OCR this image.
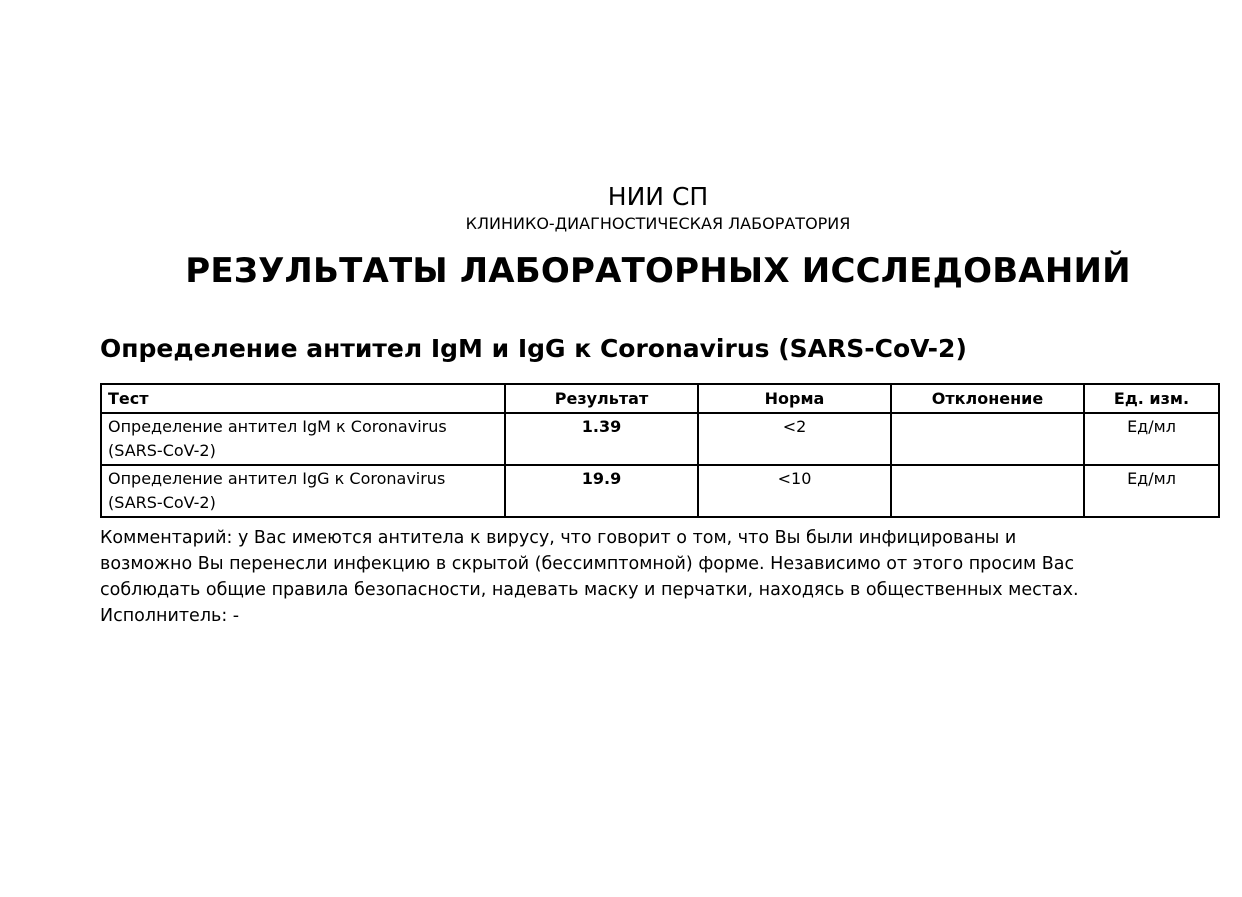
НИИ СП
КЛИНИКО-ДИАГНОСТИЧЕСКАЯ ЛАБОРАТОРИЯ
РЕЗУЛЬТАТЫ ЛАБОРАТОРНЫХ ИССЛЕДОВАНИЙ
Определение антител IgM и IgG к Coronavirus (SARS-CoV-2)
Тест	Результат	Норма	Отклонение	Ед. изм.
Определение антител IgM к Coronavirus
(SARS-CoV-2)	1.39	<2		Ед/мл
Определение антител IgG к Coronavirus
(SARS-CoV-2)	19.9	<10		Ед/мл
Комментарий: у Вас имеются антитела к вирусу, что говорит о том, что Вы были инфицированы и
возможно Вы перенесли инфекцию в скрытой (бессимптомной) форме. Независимо от этого просим Вас
соблюдать общие правила безопасности, надевать маску и перчатки, находясь в общественных местах.
Исполнитель: -
